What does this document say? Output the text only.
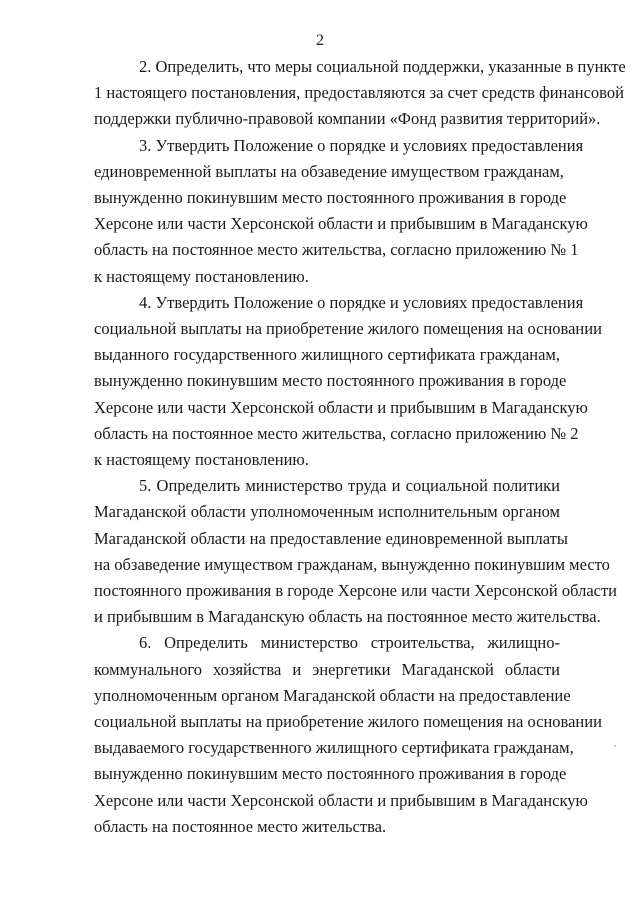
2
2. Определить, что меры социальной поддержки, указанные в пункте
1 настоящего постановления, предоставляются за счет средств финансовой
поддержки публично-правовой компании «Фонд развития территорий».
3. Утвердить Положение о порядке и условиях предоставления
единовременной выплаты на обзаведение имуществом гражданам,
вынужденно покинувшим место постоянного проживания в городе
Херсоне или части Херсонской области и прибывшим в Магаданскую
область на постоянное место жительства, согласно приложению № 1
к настоящему постановлению.
4. Утвердить Положение о порядке и условиях предоставления
социальной выплаты на приобретение жилого помещения на основании
выданного государственного жилищного сертификата гражданам,
вынужденно покинувшим место постоянного проживания в городе
Херсоне или части Херсонской области и прибывшим в Магаданскую
область на постоянное место жительства, согласно приложению № 2
к настоящему постановлению.
5. Определить министерство труда и социальной политики
Магаданской области уполномоченным исполнительным органом
Магаданской области на предоставление единовременной выплаты
на обзаведение имуществом гражданам, вынужденно покинувшим место
постоянного проживания в городе Херсоне или части Херсонской области
и прибывшим в Магаданскую область на постоянное место жительства.
6. Определить министерство строительства, жилищно-
коммунального хозяйства и энергетики Магаданской области
уполномоченным органом Магаданской области на предоставление
социальной выплаты на приобретение жилого помещения на основании
выдаваемого государственного жилищного сертификата гражданам,
вынужденно покинувшим место постоянного проживания в городе
Херсоне или части Херсонской области и прибывшим в Магаданскую
область на постоянное место жительства.
